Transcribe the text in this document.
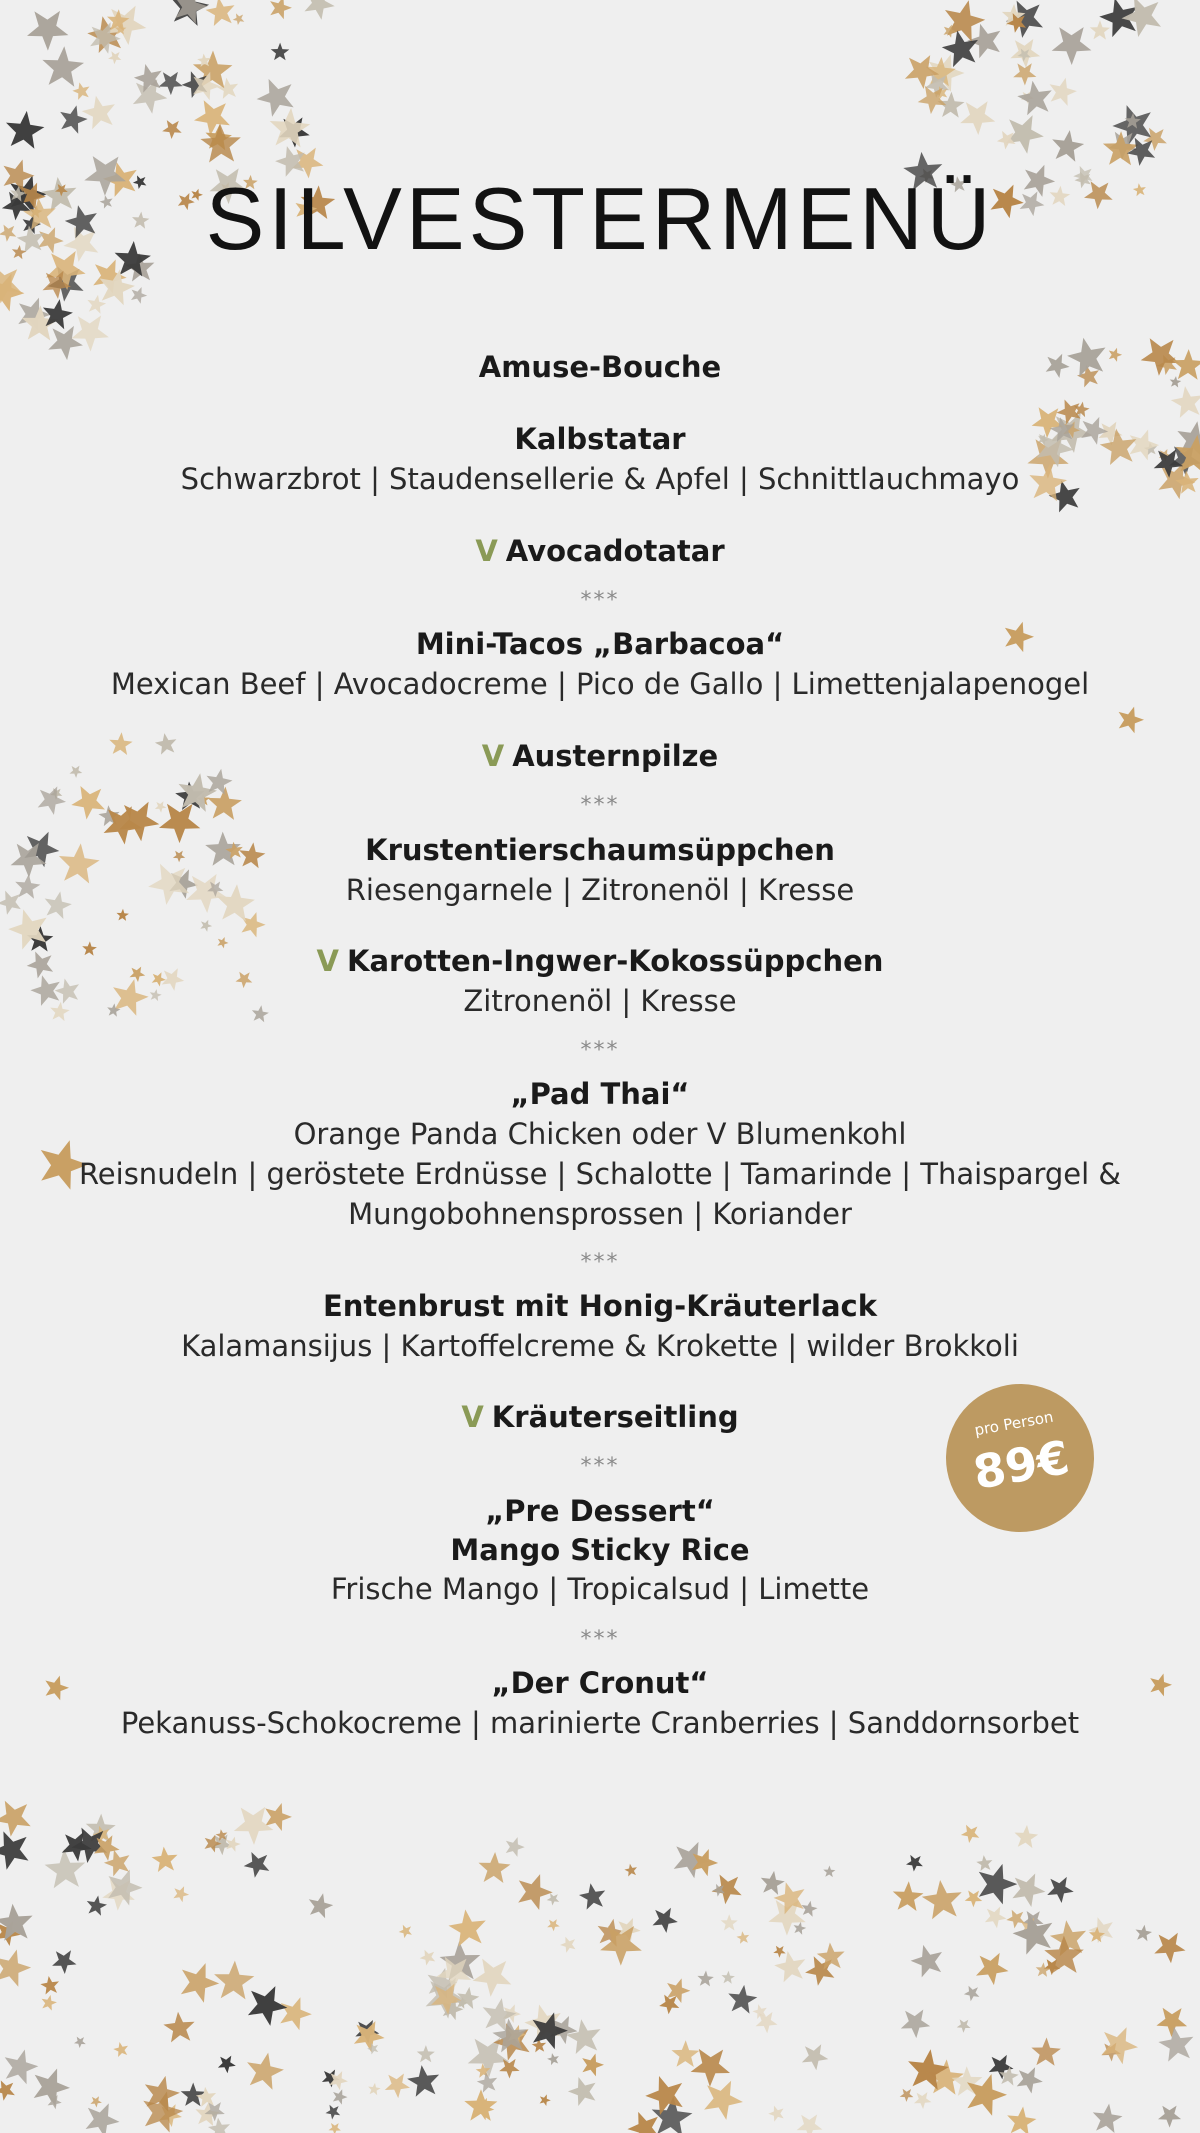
SILVESTERMENÜ
Amuse-Bouche
Kalbstatar
Schwarzbrot | Staudensellerie & Apfel | Schnittlauchmayo
V Avocadotatar
***
Mini-Tacos „Barbacoa“
Mexican Beef | Avocadocreme | Pico de Gallo | Limettenjalapenogel
V Austernpilze
***
Krustentierschaumsüppchen
Riesengarnele | Zitronenöl | Kresse
V Karotten-Ingwer-Kokossüppchen
Zitronenöl | Kresse
***
„Pad Thai“
Orange Panda Chicken oder V Blumenkohl
Reisnudeln | geröstete Erdnüsse | Schalotte | Tamarinde | Thaispargel &
Mungobohnensprossen | Koriander
***
Entenbrust mit Honig-Kräuterlack
Kalamansijus | Kartoffelcreme & Krokette | wilder Brokkoli
V Kräuterseitling
***
„Pre Dessert“
Mango Sticky Rice
Frische Mango | Tropicalsud | Limette
***
„Der Cronut“
Pekanuss-Schokocreme | marinierte Cranberries | Sanddornsorbet
pro Person
89€
